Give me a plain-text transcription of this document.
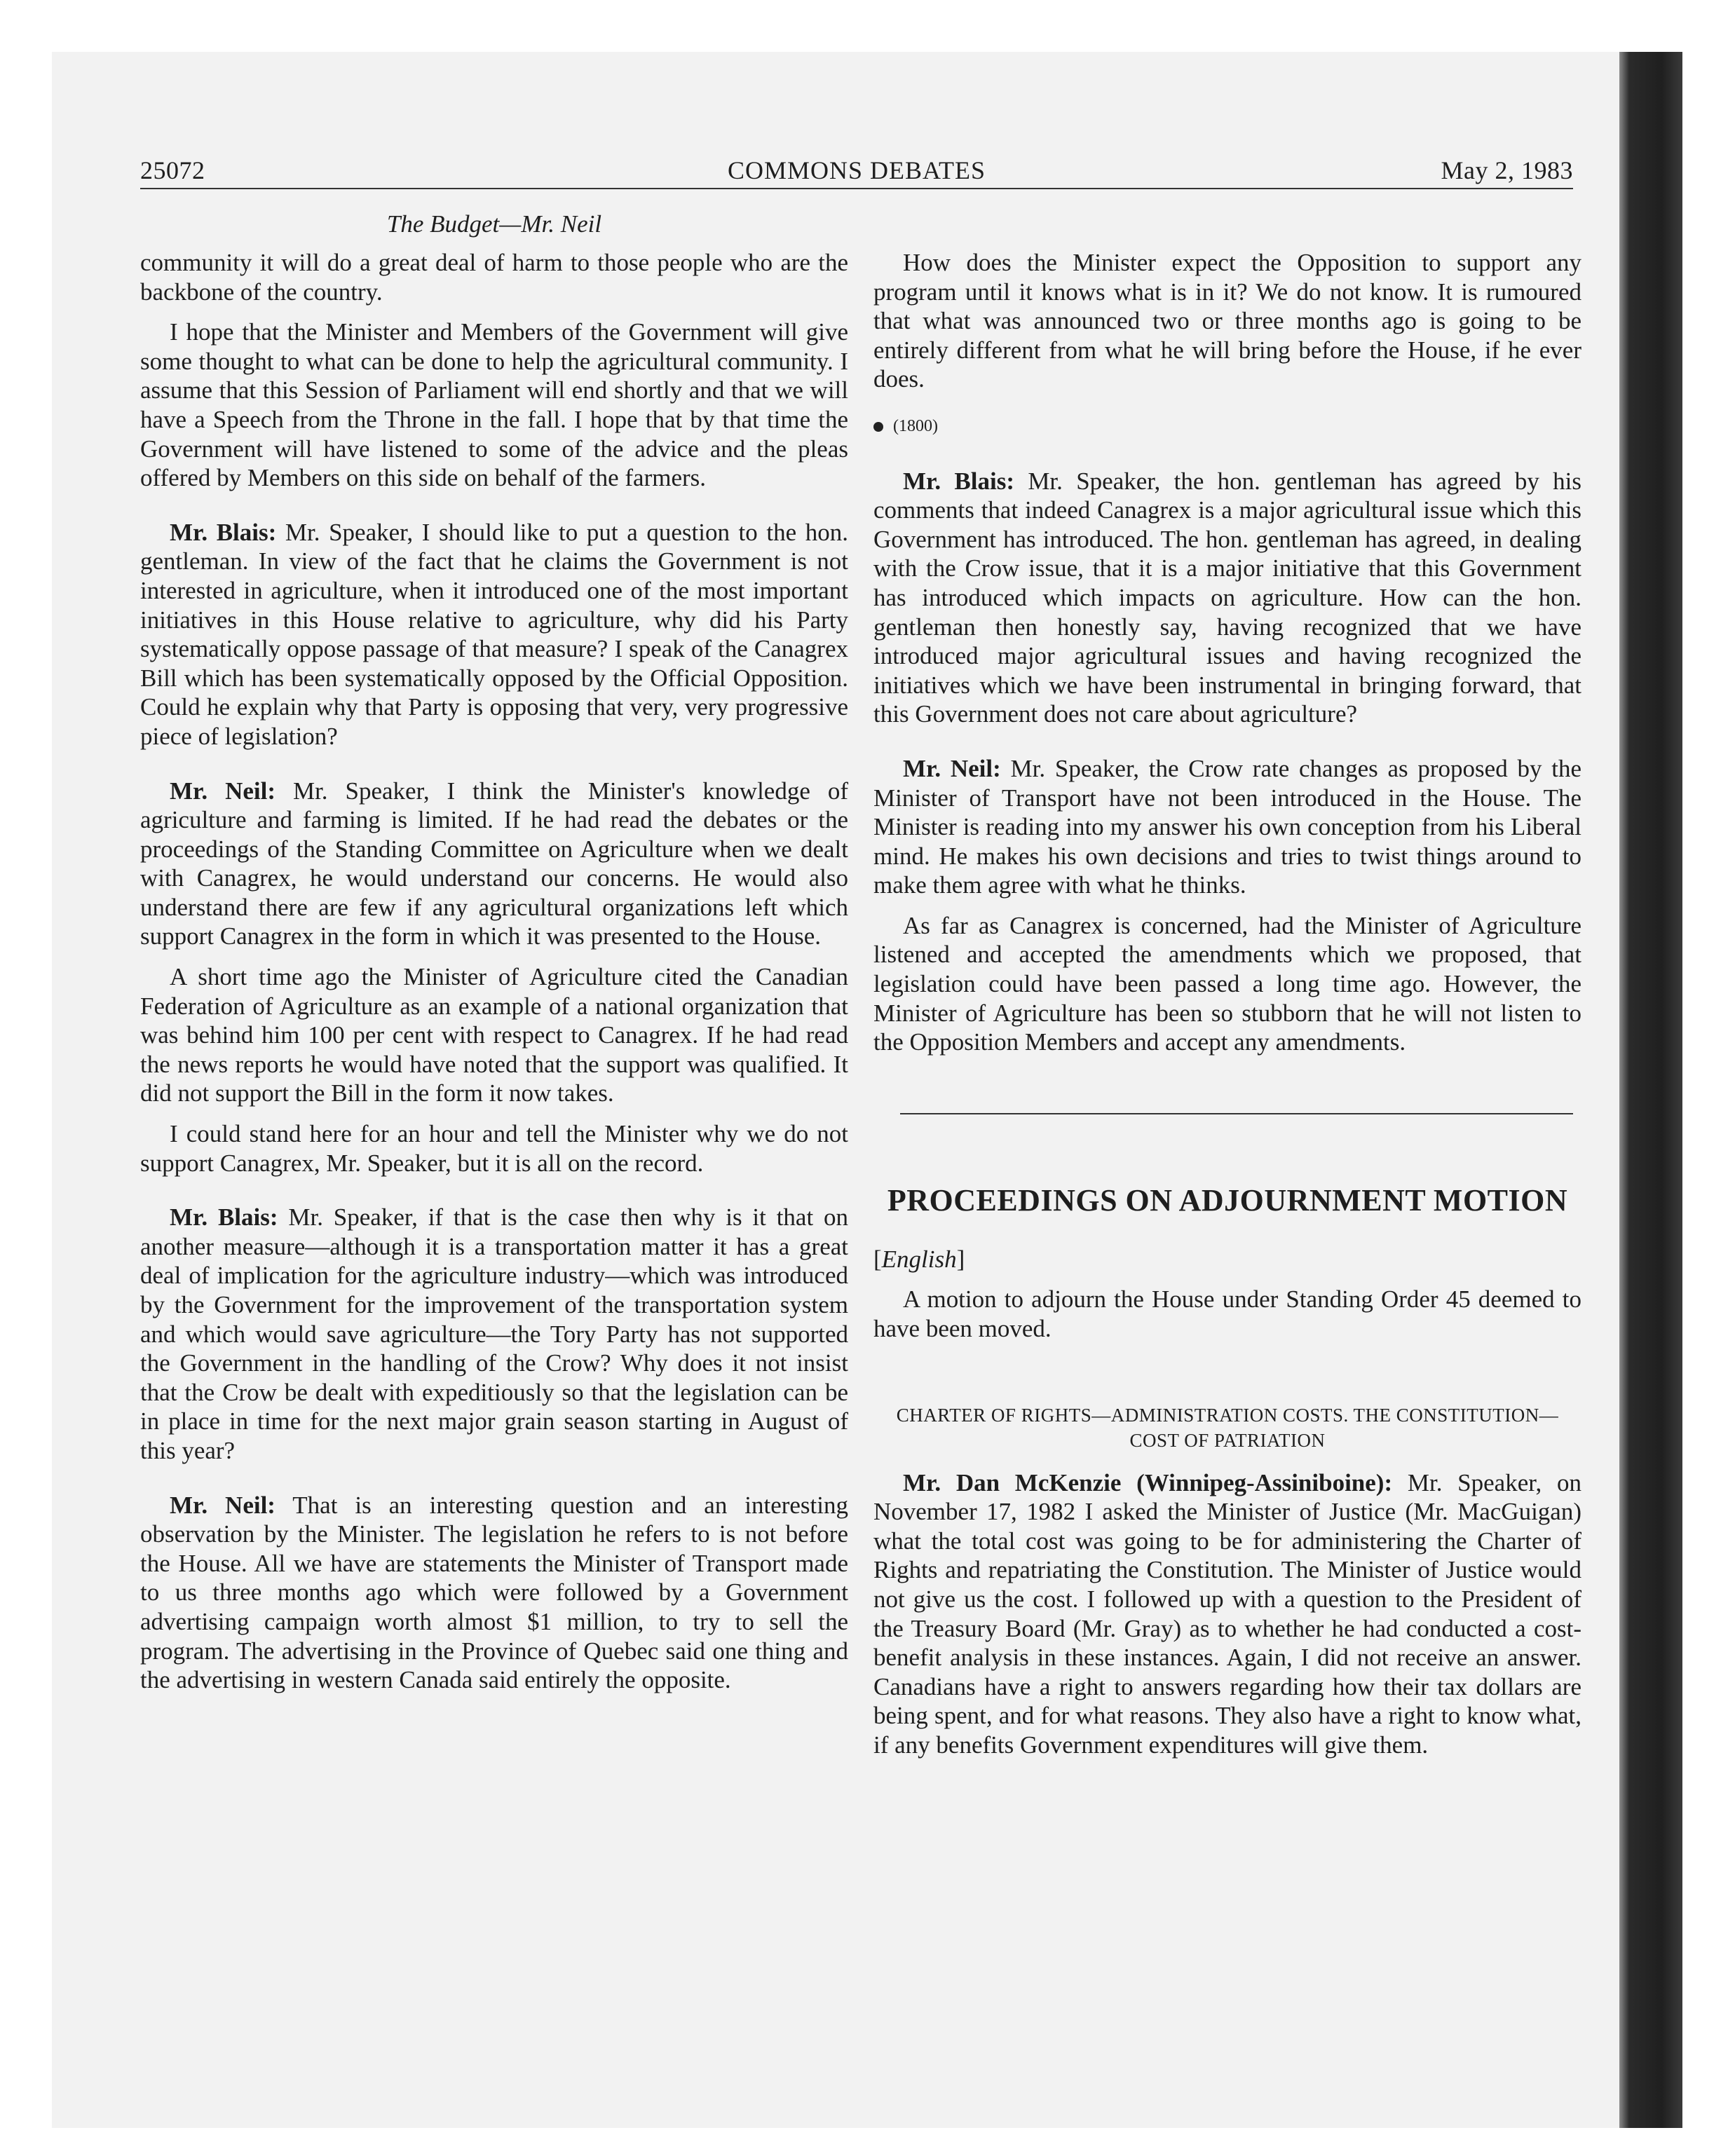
25072	COMMONS DEBATES	May 2, 1983
The Budget—Mr. Neil

community it will do a great deal of harm to those people who are the backbone of the country.

I hope that the Minister and Members of the Government will give some thought to what can be done to help the agricultural community. I assume that this Session of Parliament will end shortly and that we will have a Speech from the Throne in the fall. I hope that by that time the Government will have listened to some of the advice and the pleas offered by Members on this side on behalf of the farmers.

Mr. Blais: Mr. Speaker, I should like to put a question to the hon. gentleman. In view of the fact that he claims the Government is not interested in agriculture, when it introduced one of the most important initiatives in this House relative to agriculture, why did his Party systematically oppose passage of that measure? I speak of the Canagrex Bill which has been systematically opposed by the Official Opposition. Could he explain why that Party is opposing that very, very progressive piece of legislation?

Mr. Neil: Mr. Speaker, I think the Minister's knowledge of agriculture and farming is limited. If he had read the debates or the proceedings of the Standing Committee on Agriculture when we dealt with Canagrex, he would understand our concerns. He would also understand there are few if any agricultural organizations left which support Canagrex in the form in which it was presented to the House.

A short time ago the Minister of Agriculture cited the Canadian Federation of Agriculture as an example of a national organization that was behind him 100 per cent with respect to Canagrex. If he had read the news reports he would have noted that the support was qualified. It did not support the Bill in the form it now takes.

I could stand here for an hour and tell the Minister why we do not support Canagrex, Mr. Speaker, but it is all on the record.

Mr. Blais: Mr. Speaker, if that is the case then why is it that on another measure—although it is a transportation matter it has a great deal of implication for the agriculture industry—which was introduced by the Government for the improvement of the transportation system and which would save agriculture—the Tory Party has not supported the Government in the handling of the Crow? Why does it not insist that the Crow be dealt with expeditiously so that the legislation can be in place in time for the next major grain season starting in August of this year?

Mr. Neil: That is an interesting question and an interesting observation by the Minister. The legislation he refers to is not before the House. All we have are statements the Minister of Transport made to us three months ago which were followed by a Government advertising campaign worth almost $1 million, to try to sell the program. The advertising in the Province of Quebec said one thing and the advertising in western Canada said entirely the opposite.

How does the Minister expect the Opposition to support any program until it knows what is in it? We do not know. It is rumoured that what was announced two or three months ago is going to be entirely different from what he will bring before the House, if he ever does.

(1800)

Mr. Blais: Mr. Speaker, the hon. gentleman has agreed by his comments that indeed Canagrex is a major agricultural issue which this Government has introduced. The hon. gentleman has agreed, in dealing with the Crow issue, that it is a major initiative that this Government has introduced which impacts on agriculture. How can the hon. gentleman then honestly say, having recognized that we have introduced major agricultural issues and having recognized the initiatives which we have been instrumental in bringing forward, that this Government does not care about agriculture?

Mr. Neil: Mr. Speaker, the Crow rate changes as proposed by the Minister of Transport have not been introduced in the House. The Minister is reading into my answer his own conception from his Liberal mind. He makes his own decisions and tries to twist things around to make them agree with what he thinks.

As far as Canagrex is concerned, had the Minister of Agriculture listened and accepted the amendments which we proposed, that legislation could have been passed a long time ago. However, the Minister of Agriculture has been so stubborn that he will not listen to the Opposition Members and accept any amendments.

PROCEEDINGS ON ADJOURNMENT MOTION

[English]

A motion to adjourn the House under Standing Order 45 deemed to have been moved.

CHARTER OF RIGHTS—ADMINISTRATION COSTS. THE CONSTITUTION—COST OF PATRIATION

Mr. Dan McKenzie (Winnipeg-Assiniboine): Mr. Speaker, on November 17, 1982 I asked the Minister of Justice (Mr. MacGuigan) what the total cost was going to be for administering the Charter of Rights and repatriating the Constitution. The Minister of Justice would not give us the cost. I followed up with a question to the President of the Treasury Board (Mr. Gray) as to whether he had conducted a cost-benefit analysis in these instances. Again, I did not receive an answer. Canadians have a right to answers regarding how their tax dollars are being spent, and for what reasons. They also have a right to know what, if any benefits Government expenditures will give them.
